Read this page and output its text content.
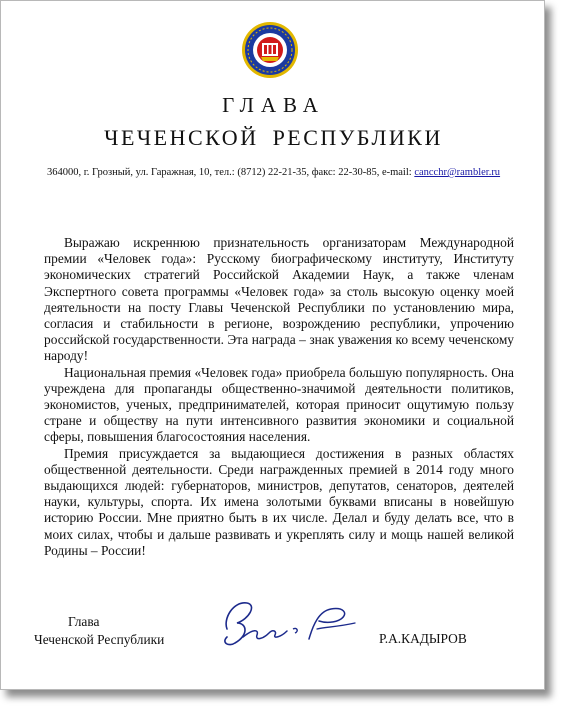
ГЛАВА
ЧЕЧЕНСКОЙ РЕСПУБЛИКИ
364000, г. Грозный, ул. Гаражная, 10, тел.: (8712) 22-21-35, факс: 22-30-85, e-mail: cancchr@rambler.ru

Выражаю искреннюю признательность организаторам Международной премии «Человек года»: Русскому биографическому институту, Институту экономических стратегий Российской Академии Наук, а также членам Экспертного совета программы «Человек года» за столь высокую оценку моей деятельности на посту Главы Чеченской Республики по установлению мира, согласия и стабильности в регионе, возрождению республики, упрочению российской государственности. Эта награда – знак уважения ко всему чеченскому народу!

Национальная премия «Человек года» приобрела большую популярность. Она учреждена для пропаганды общественно-значимой деятельности политиков, экономистов, ученых, предпринимателей, которая приносит ощутимую пользу стране и обществу на пути интенсивного развития экономики и социальной сферы, повышения благосостояния населения.

Премия присуждается за выдающиеся достижения в разных областях общественной деятельности. Среди награжденных премией в 2014 году много выдающихся людей: губернаторов, министров, депутатов, сенаторов, деятелей науки, культуры, спорта. Их имена золотыми буквами вписаны в новейшую историю России. Мне приятно быть в их числе. Делал и буду делать все, что в моих силах, чтобы и дальше развивать и укреплять силу и мощь нашей великой Родины – России!

Глава
Чеченской Республики	Р.А.КАДЫРОВ
